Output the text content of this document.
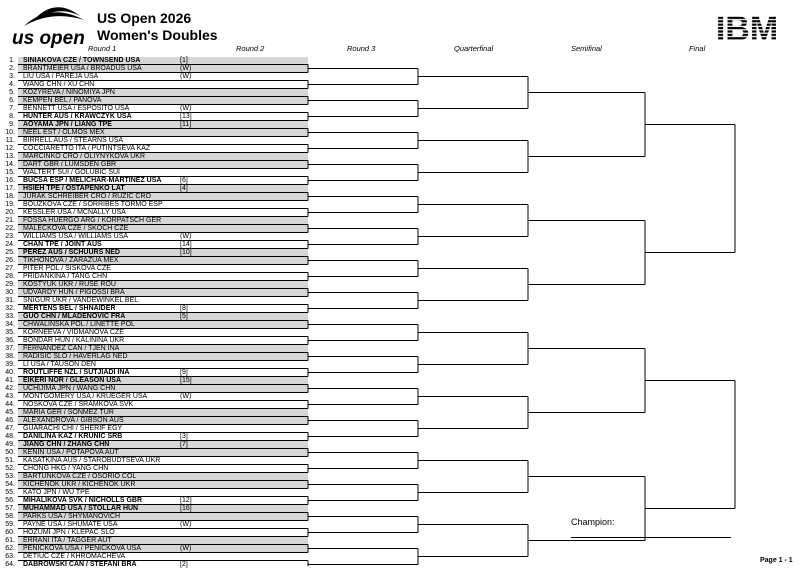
us open
US Open 2026
Women's Doubles
Round 1	Round 2	Round 3	Quarterfinal	Semifinal	Final
1. SINIAKOVA CZE / TOWNSEND USA	[1]
2. BRANTMEIER USA / BROADUS USA	(W)
3. LIU USA / PAREJA USA	(W)
4. WANG CHN / XU CHN
5. KOZYREVA / NINOMIYA JPN
6. KEMPEN BEL / PANOVA
7. BENNETT USA / ESPOSITO USA	(W)
8. HUNTER AUS / KRAWCZYK USA	[13]
9. AOYAMA JPN / LIANG TPE	[11]
10. NEEL EST / OLMOS MEX
11. BIRRELL AUS / STEARNS USA
12. COCCIARETTO ITA / PUTINTSEVA KAZ
13. MARCINKO CRO / OLIYNYKOVA UKR
14. DART GBR / LUMSDEN GBR
15. WALTERT SUI / GOLUBIC SUI
16. BUCSA ESP / MELICHAR-MARTINEZ USA	[6]
17. HSIEH TPE / OSTAPENKO LAT	[4]
18. JURAK SCHREIBER CRO / RUZIC CRO
19. BOUZKOVA CZE / SORRIBES TORMO ESP
20. KESSLER USA / MCNALLY USA
21. FOSSA HUERGO ARG / KORPATSCH GER
22. MALECKOVA CZE / SKOCH CZE
23. WILLIAMS USA / WILLIAMS USA	(W)
24. CHAN TPE / JOINT AUS	[14]
25. PEREZ AUS / SCHUURS NED	[10]
26. TIKHONOVA / ZARAZUA MEX
27. PITER POL / SISKOVA CZE
28. PRIDANKINA / TANG CHN
29. KOSTYUK UKR / RUSE ROU
30. UDVARDY HUN / PIGOSSI BRA
31. SNIGUR UKR / VANDEWINKEL BEL
32. MERTENS BEL / SHNAIDER	[8]
33. GUO CHN / MLADENOVIC FRA	[5]
34. CHWALINSKA POL / LINETTE POL
35. KORNEEVA / VIDMANOVA CZE
36. BONDAR HUN / KALININA UKR
37. FERNANDEZ CAN / TJEN INA
38. RADISIC SLO / HAVERLAG NED
39. LI USA / TAUSON DEN
40. ROUTLIFFE NZL / SUTJIADI INA	[9]
41. EIKERI NOR / GLEASON USA	[15]
42. UCHIJIMA JPN / WANG CHN
43. MONTGOMERY USA / KRUEGER USA	(W)
44. NOSKOVA CZE / SRAMKOVA SVK
45. MARIA GER / SONMEZ TUR
46. ALEXANDROVA / GIBSON AUS
47. GUARACHI CHI / SHERIF EGY
48. DANILINA KAZ / KRUNIC SRB	[3]
49. JIANG CHN / ZHANG CHN	[7]
50. KENIN USA / POTAPOVA AUT
51. KASATKINA AUS / STAROBUDTSEVA UKR
52. CHONG HKG / YANG CHN
53. BARTUNKOVA CZE / OSORIO COL
54. KICHENOK UKR / KICHENOK UKR
55. KATO JPN / WU TPE
56. MIHALIKOVA SVK / NICHOLLS GBR	[12]
57. MUHAMMAD USA / STOLLAR HUN	[16]
58. PARKS USA / SHYMANOVICH
59. PAYNE USA / SHUMATE USA	(W)
60. HOZUMI JPN / KLEPAC SLO
61. ERRANI ITA / TAGGER AUT
62. PENICKOVA USA / PENICKOVA USA	(W)
63. DETIUC CZE / KHROMACHEVA
64. DABROWSKI CAN / STEFANI BRA	[2]
Champion:
Page 1 - 1
